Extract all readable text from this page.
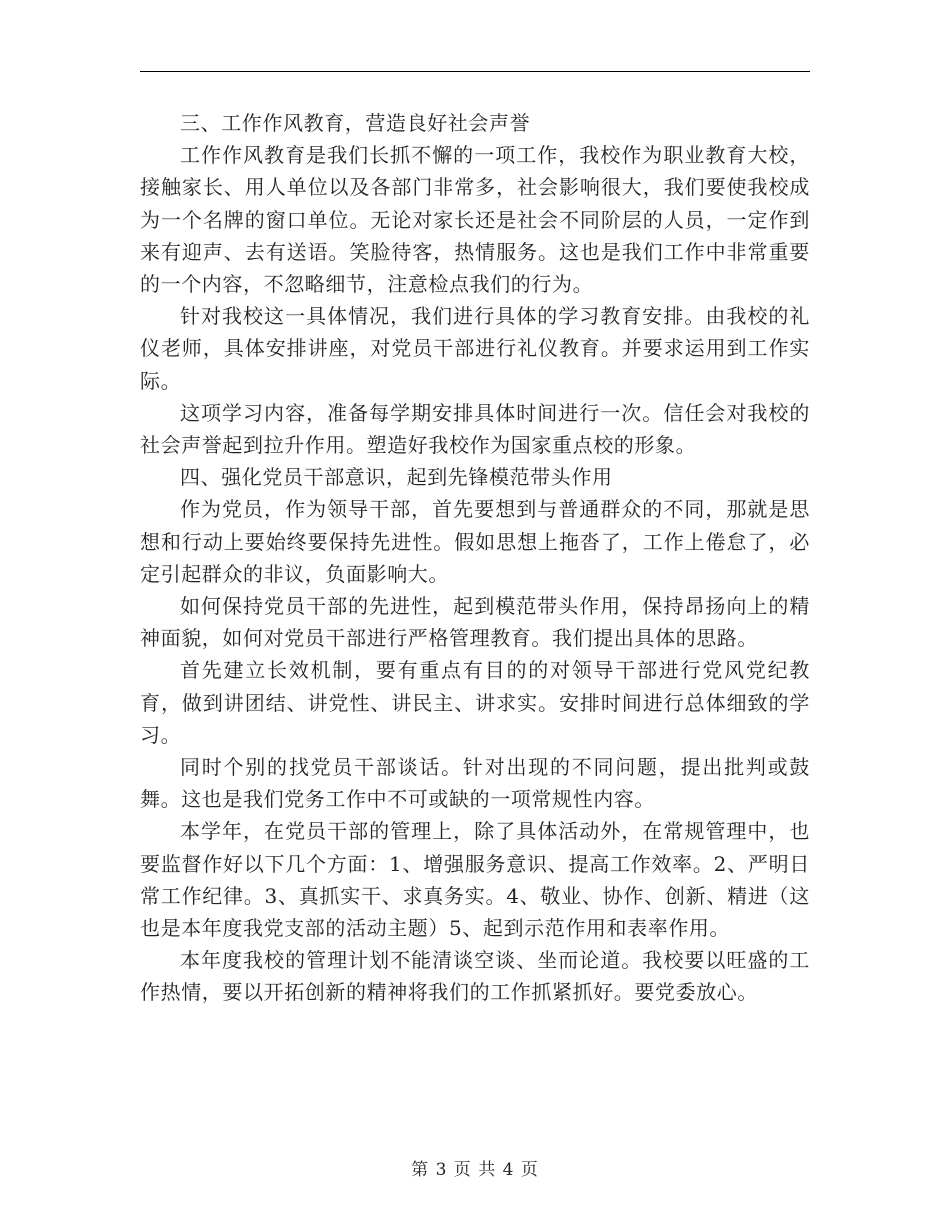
三、工作作风教育，营造良好社会声誉

工作作风教育是我们长抓不懈的一项工作，我校作为职业教育大校，接触家长、用人单位以及各部门非常多，社会影响很大，我们要使我校成为一个名牌的窗口单位。无论对家长还是社会不同阶层的人员，一定作到来有迎声、去有送语。笑脸待客，热情服务。这也是我们工作中非常重要的一个内容，不忽略细节，注意检点我们的行为。

针对我校这一具体情况，我们进行具体的学习教育安排。由我校的礼仪老师，具体安排讲座，对党员干部进行礼仪教育。并要求运用到工作实际。

这项学习内容，准备每学期安排具体时间进行一次。信任会对我校的社会声誉起到拉升作用。塑造好我校作为国家重点校的形象。

四、强化党员干部意识，起到先锋模范带头作用

作为党员，作为领导干部，首先要想到与普通群众的不同，那就是思想和行动上要始终要保持先进性。假如思想上拖沓了，工作上倦怠了，必定引起群众的非议，负面影响大。

如何保持党员干部的先进性，起到模范带头作用，保持昂扬向上的精神面貌，如何对党员干部进行严格管理教育。我们提出具体的思路。

首先建立长效机制，要有重点有目的的对领导干部进行党风党纪教育，做到讲团结、讲党性、讲民主、讲求实。安排时间进行总体细致的学习。

同时个别的找党员干部谈话。针对出现的不同问题，提出批判或鼓舞。这也是我们党务工作中不可或缺的一项常规性内容。

本学年，在党员干部的管理上，除了具体活动外，在常规管理中，也要监督作好以下几个方面：1、增强服务意识、提高工作效率。2、严明日常工作纪律。3、真抓实干、求真务实。4、敬业、协作、创新、精进（这也是本年度我党支部的活动主题）5、起到示范作用和表率作用。

本年度我校的管理计划不能清谈空谈、坐而论道。我校要以旺盛的工作热情，要以开拓创新的精神将我们的工作抓紧抓好。要党委放心。

第 3 页 共 4 页
